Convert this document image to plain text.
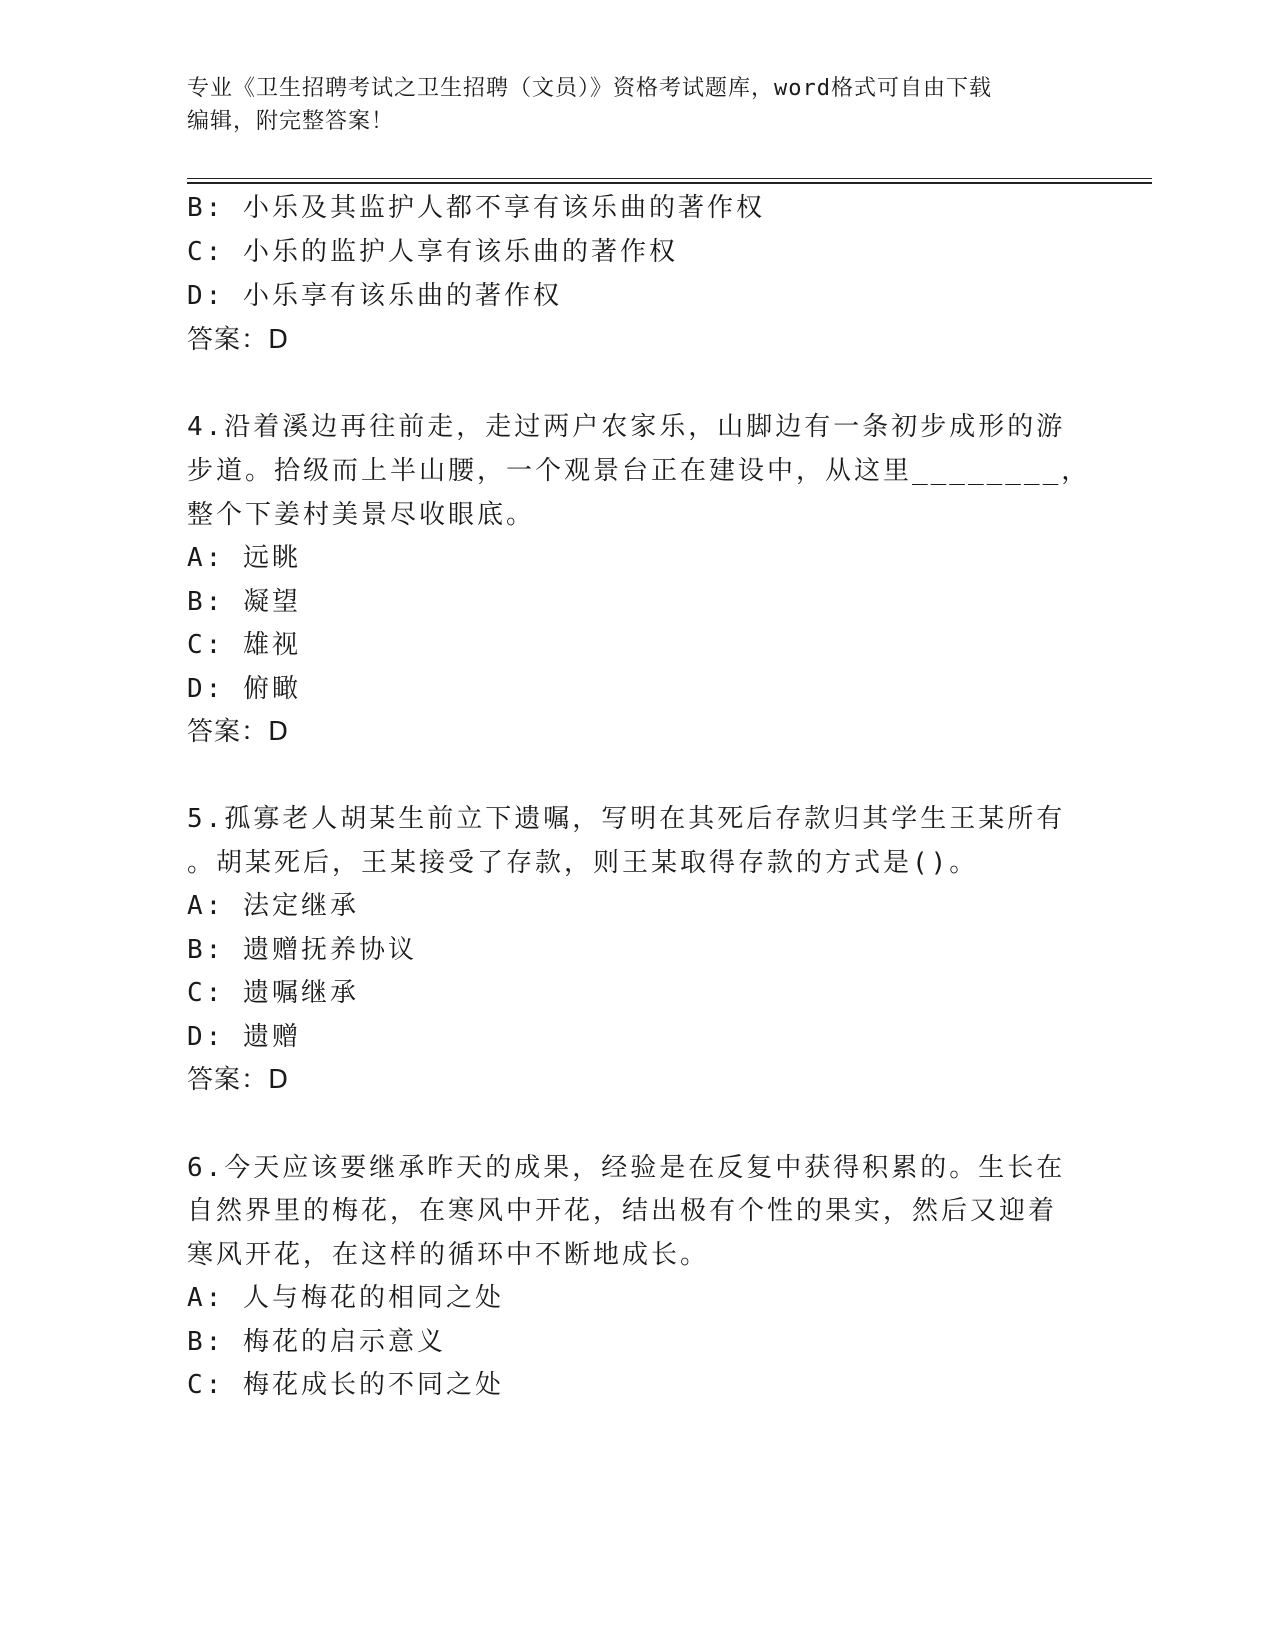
专业《卫生招聘考试之卫生招聘（文员）》资格考试题库，word格式可自由下载
编辑，附完整答案！
B: 小乐及其监护人都不享有该乐曲的著作权
C: 小乐的监护人享有该乐曲的著作权
D: 小乐享有该乐曲的著作权
答案：D
4.沿着溪边再往前走，走过两户农家乐，山脚边有一条初步成形的游
步道。拾级而上半山腰，一个观景台正在建设中，从这里________，
整个下姜村美景尽收眼底。
A: 远眺
B: 凝望
C: 雄视
D: 俯瞰
答案：D
5.孤寡老人胡某生前立下遗嘱，写明在其死后存款归其学生王某所有
。胡某死后，王某接受了存款，则王某取得存款的方式是()。
A: 法定继承
B: 遗赠抚养协议
C: 遗嘱继承
D: 遗赠
答案：D
6.今天应该要继承昨天的成果，经验是在反复中获得积累的。生长在
自然界里的梅花，在寒风中开花，结出极有个性的果实，然后又迎着
寒风开花，在这样的循环中不断地成长。
A: 人与梅花的相同之处
B: 梅花的启示意义
C: 梅花成长的不同之处
